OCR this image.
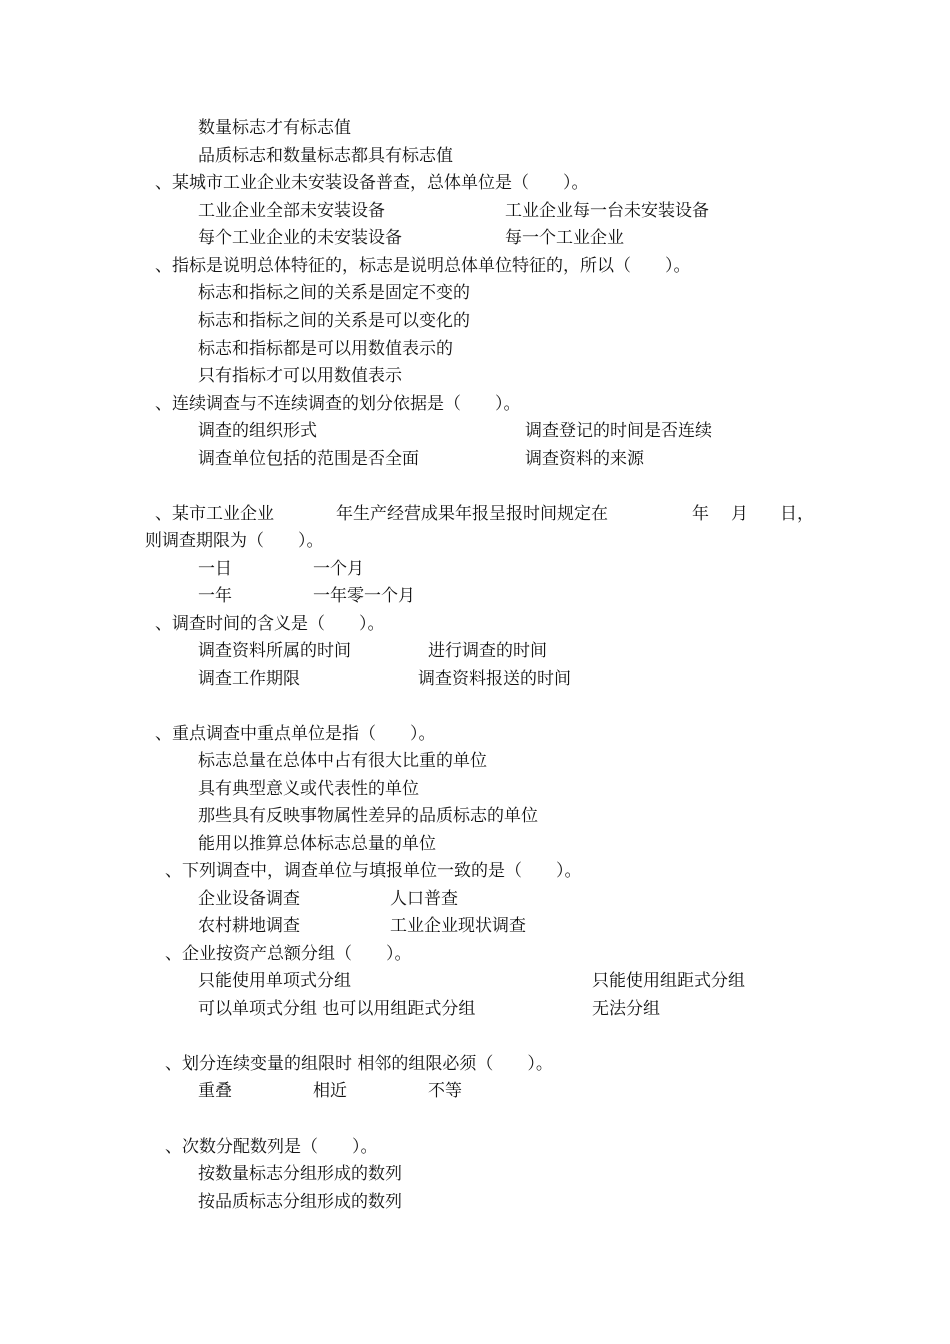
数量标志才有标志值
品质标志和数量标志都具有标志值
、某城市工业企业未安装设备普查，总体单位是（　　）。
工业企业全部未安装设备	工业企业每一台未安装设备
每个工业企业的未安装设备	每一个工业企业
、指标是说明总体特征的，标志是说明总体单位特征的，所以（　　）。
标志和指标之间的关系是固定不变的
标志和指标之间的关系是可以变化的
标志和指标都是可以用数值表示的
只有指标才可以用数值表示
、连续调查与不连续调查的划分依据是（　　）。
调查的组织形式	调查登记的时间是否连续
调查单位包括的范围是否全面	调查资料的来源
、某市工业企业	年生产经营成果年报呈报时间规定在	年 月 日，
则调查期限为（　　）。
一日	一个月
一年	一年零一个月
、调查时间的含义是（　　）。
调查资料所属的时间	进行调查的时间
调查工作期限	调查资料报送的时间
、重点调查中重点单位是指（　　）。
标志总量在总体中占有很大比重的单位
具有典型意义或代表性的单位
那些具有反映事物属性差异的品质标志的单位
能用以推算总体标志总量的单位
、下列调查中，调查单位与填报单位一致的是（　　）。
企业设备调查	人口普查
农村耕地调查	工业企业现状调查
、企业按资产总额分组（　　）。
只能使用单项式分组	只能使用组距式分组
可以单项式分组 也可以用组距式分组	无法分组
、划分连续变量的组限时 相邻的组限必须（　　）。
重叠	相近	不等
、次数分配数列是（　　）。
按数量标志分组形成的数列
按品质标志分组形成的数列
